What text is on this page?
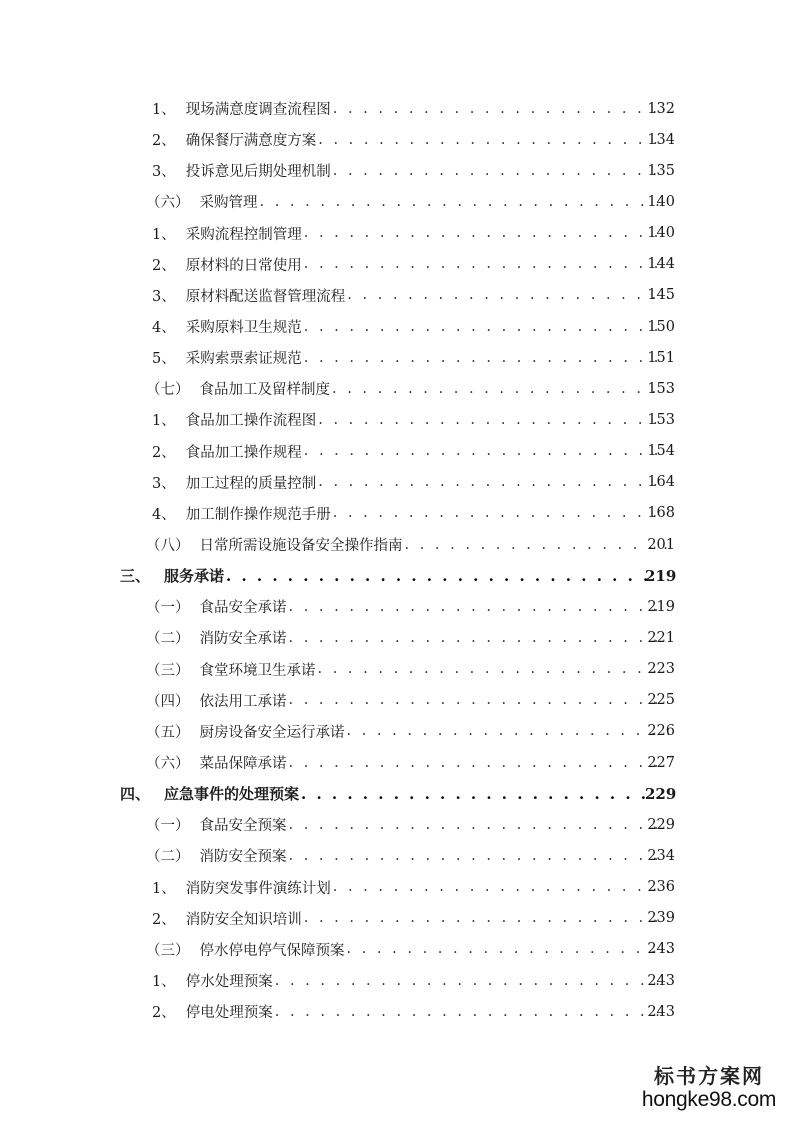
1、 现场满意度调查流程图 . . .	132
2、 确保餐厅满意度方案 . . .	134
3、 投诉意见后期处理机制 . . .	135
（六） 采购管理 . . .	140
1、 采购流程控制管理 . . .	140
2、 原材料的日常使用 . . .	144
3、 原材料配送监督管理流程 . . .	145
4、 采购原料卫生规范 . . .	150
5、 采购索票索证规范 . . .	151
（七） 食品加工及留样制度 . . .	153
1、 食品加工操作流程图 . . .	153
2、 食品加工操作规程 . . .	154
3、 加工过程的质量控制 . . .	164
4、 加工制作操作规范手册 . . .	168
（八） 日常所需设施设备安全操作指南 . . .	201
三、 服务承诺 . . .	219
（一） 食品安全承诺 . . .	219
（二） 消防安全承诺 . . .	221
（三） 食堂环境卫生承诺 . . .	223
（四） 依法用工承诺 . . .	225
（五） 厨房设备安全运行承诺 . . .	226
（六） 菜品保障承诺 . . .	227
四、 应急事件的处理预案 . . .	229
（一） 食品安全预案 . . .	229
（二） 消防安全预案 . . .	234
1、 消防突发事件演练计划 . . .	236
2、 消防安全知识培训 . . .	239
（三） 停水停电停气保障预案 . . .	243
1、 停水处理预案 . . .	243
2、 停电处理预案 . . .	243
标书方案网
hongke98.com
